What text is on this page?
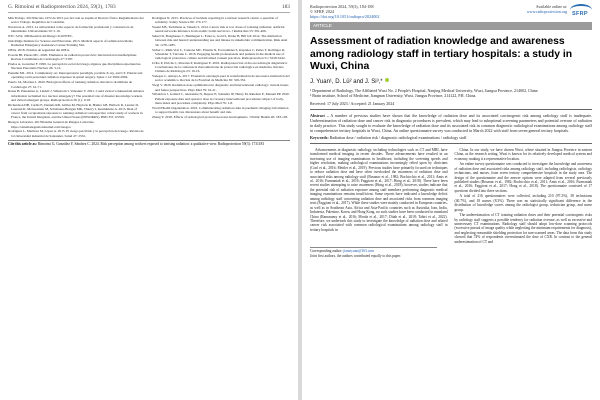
G. Rimoinsi et Radioprotection 2024, 59(3), 1783	183

Min Trabajo. 2015Decreto 1072 de 2015 por del cual se expide el Decreto Único Reglamentario del sector Trabajo. República de Colombia.

Navarrete A. 2013. La universidad como espacio de formación profesional y constructora de identidades. Universidades 50: 5-16.

NTC 5254. 2004Gestión del Riesgo ICONTEC.

Oak Ridge Institute for Science and Education. 2013. Medical aspects of radiation incidents Radiation Emergency Assistance Center/Training Site.

OEIA. 2018. Normas de seguridad del OIEA.

Poveda BI, Plazas MC. 2020. Elementos de radiación protección: intervención transdisciplinar. Revista Colombiana de Cardiología 27: S187.

Prados A, González F. 1999. La percepción social del riesgo algunos que disciplinan experiencias. Nucleus Panorama Nuclear 26: 3-12.

Puenthe ML. 2014. Commentary on: Interoperatoria paradigm, portable X-ray, and CT. Patient and operating room personnel radiation exposure in spinal surgery. Spine J 14: 2992-2994.

Puerto JA, Morales I. 2020. Biological effects of ionising radiation. Revista Colombiana de Cardiología 27: 61-71.

Rauss H, Puusamaa A, Lindell J, Wikstrom I. Valaanne V. 2021. Could virtual volunteerism enhance information reclaimed in a nuclear emergency? The potential role of disaster knowledge workers and virtual emergent groups. Radioprotection 56 (1): 1118.

Richardson DB, Cardis E, Daniels RD, Gillies M, Haylock R, Hamra GB, Hallock R, Laurier D, Leuraud K, Moissonnier M, Schubauer-Berigan MK, Thierry I, Kesminiene A. 2015. Risk of cancer from occupational exposure to ionising radiation: retrospective cohort study of workers in France, the United Kingdom, and the United States (INWORKS). BMJ 351: h5359.

Riesgos Laborales. 2015Sistema General de Riesgos Laborales. https://sistemadegestionlasalud.com/riesgos.

Rodriguez L, Martinez M, López A. 2015. El riesgo percibido y la percepción del riesgo. Revista de la Universidad industrial de Santander. Salud 47: 2332.

Rodriguez N. 2015. Practices of incident reporting in a nuclear research centre: a question of solidarity. Safety Science 80: 170-177.

Sasaki MS, Tachibana A, Takeda S. 2014. Cancer risk at low doses of ionizing radiation: artificial neural networks inference from atomic bomb survivors. J Radiat Res 55: 391-406.

Sehert D, Bonghause C, Bemhagen L, Ernst G, Gold S, Röder B, Bill GP. 2014. The distinction between risk and hazard: understanding use and misuse in stakeholder communication. Risk Anal 34: 1270-1285.

Sicher C, Rüdi-Vrel C, Cantone MC, Elternk N, Economides S, Kaprales C, Perko T, Rollinger R, Schneider T, Turcanu C. 2016. Engaging health professionals and patients in the medical use of radiological protection. culture and informed consent practices. Radioprotection 51: S239-S242.

Uribe P, Ulrichs C, Morales P, Rodriguez E. 2016. Radioprotección al día en radiología diagnóstica: Conclusiones de la conferencia iberoamericana de protección radiológica en medicina. Revista Chilena de Radiología 23: 19-19.

Vanegas C, Amaya A. 2017. Extensión: estrategia para la transformación de una nueva institución del sector académico. Revista de la Facultad de Medicina 65: 329-332.

Viegl V. 2020. Radiation dose optimization in diagnostic and interventional radiology: current issues and future perspectives. Phys Med 79: 16-21.

Villalobos J, Gallard C, Alexandre N, Deprez E, Salandre JP, Henry M, Rinehart E, Manuel PP. 2020. Patient exposure data and operator dose in coronary interventional procedures: impact of body-mass index and procedure complexity. Phys Med 76: 1-8.

World Health Organization. 2016. Communicating radiation risks in paediatric imaging: information to support health care discussions about benefit and risk.

Zhang Y. 2018. Effects of radiological protection-recent developments. J Public Health 40: 183-193.

Cite this article as: Rimoinsi G, González Y, Sánchez C. 2024. Risk perception among workers exposed to ionising radiation: a qualitative view. Radioprotection 59(3): 1731183
Radioprotection 2024, 59(3), 184-188
© SFRP, 2024
https://doi.org/10.1051/radiopro/2024002
Available online at:
www.radioprotection.org SFRP
ARTICLE
Assessment of radiation knowledge and awareness among radiology staff in tertiary hospitals: a study in Wuxi, China
J. Yuan¹, D. Lü² and J. Si³,*

¹ Department of Radiology, The Affiliated Wuxi No. 2 People's Hospital, Nanjing Medical University, Wuxi, Jiangsu Province, 214002, China

² Brain institute, School of Medicine, Jiangnan University, Wuxi, Jiangsu Province, 214122, P.R. China.

Received: 17 July 2023 / Accepted: 21 January 2024
Abstract – A number of previous studies have shown that the knowledge of radiation dose and its associated carcinogenic risk among radiology staff is inadequate. Underestimation of radiation dose and cancer risk in diagnostic procedures is prevalent, which may lead to suboptimal screening parameters and potential overuse of radiation in daily practice. This study sought to evaluate the knowledge of radiation dose and its associated risk in common diagnostic radiological examinations among radiology staff in comprehensive tertiary hospitals in Wuxi, China. An online questionnaire survey was conducted in March 2022 with staff from seven general tertiary hospitals.
Keywords: Radiation dose / radiation risk / diagnostic radiological examinations / radiology staff

Advancements in diagnostic radiology, including technologies such as CT and MRI, have transformed medical imaging in recent decades. These advancements have resulted in an increasing use of imaging examinations in healthcare, including the screening speeds and higher resolution, making radiological examinations increasingly relied upon by clinicians (Cool et al., 2016; Mettler et al., 2019). Previous studies have primarily focused on techniques to reduce radiation dose and have often overlooked the awareness of radiation dose and associated risks among radiology staff (Bosanac et al., 1982; Bochicchio et al., 2011; Amis et al., 2016; Furmaniak et al., 2016; Faggioni et al., 2017; Hong et al., 2018). There have been recent studies attempting to raise awareness (Hong et al., 2018); however, studies indicate that the potential risk of radiation exposure among staff members performing diagnostic medical imaging examinations remains insufficient. Some reports have indicated a knowledge deficit among radiology staff concerning radiation dose and associated risks from common imaging tests (Faggioni et al., 2017). While these studies were mainly conducted in European countries, as well as in Southeast Asia, Africa and Asia-Pacific countries such as Australia, Iran, India, Indonesia, Palestine, Korea, and Hong Kong, no such studies have been conducted in mainland China (Ramasamy et al., 2016; Mroda et al., 2017; Ditah et al., 2018; Tahiri et al., 2022). Therefore, we undertook this study to investigate the knowledge of radiation dose and related cancer risk associated with common radiological examinations among radiology staff in tertiary hospitals in

China. In our study, we have chosen Wuxi, where situated in Jiangsu Province in eastern China, as the research setting. Wuxi is known for its relatively developed medical system and economy, making it a representative location.

An online survey questionnaire was conducted to investigate the knowledge and awareness of radiation dose and associated risks among radiology staff, including radiologists, radiology technicians, and nurses, from seven tertiary comprehensive hospitals in the study area. The design of the questionnaire and the answer options were adapted from several previously published studies (Bosanac et al., 1982; Bochicchio et al., 2011; Amis et al., 2016; Furmaniak et al., 2016; Faggioni et al., 2017; Hong et al., 2018). The questionnaire consisted of 17 questions divided into three sections.

A total of 216 questionnaires were collected, including 210 (97.2%), 38 technicians (40.7%), and 18 nurses (8.3%). There was no statistically significant difference in the distribution of knowledge scores among the radiologist group, technician group, and nurse group.

The underestimation of CT ionizing radiation doses and their potential carcinogenic risks by radiology staff suggests a possible tendency for radiation overuse, as well as excessive and unnecessary CT examinations. Radiology staff should adopt low-dose scanning protocols (excessive pursuit of image quality while neglecting the minimum requirements for diagnosis), and neglecting reasonable shielding protection for non-scanned areas. The data from this study showed that 74% of respondents overestimated the dose of CXR. In contrast to the general underestimation of CT and

Corresponding author: jiansiyuan@163.com
Joint first authors, the authors contributed equally to this paper.
